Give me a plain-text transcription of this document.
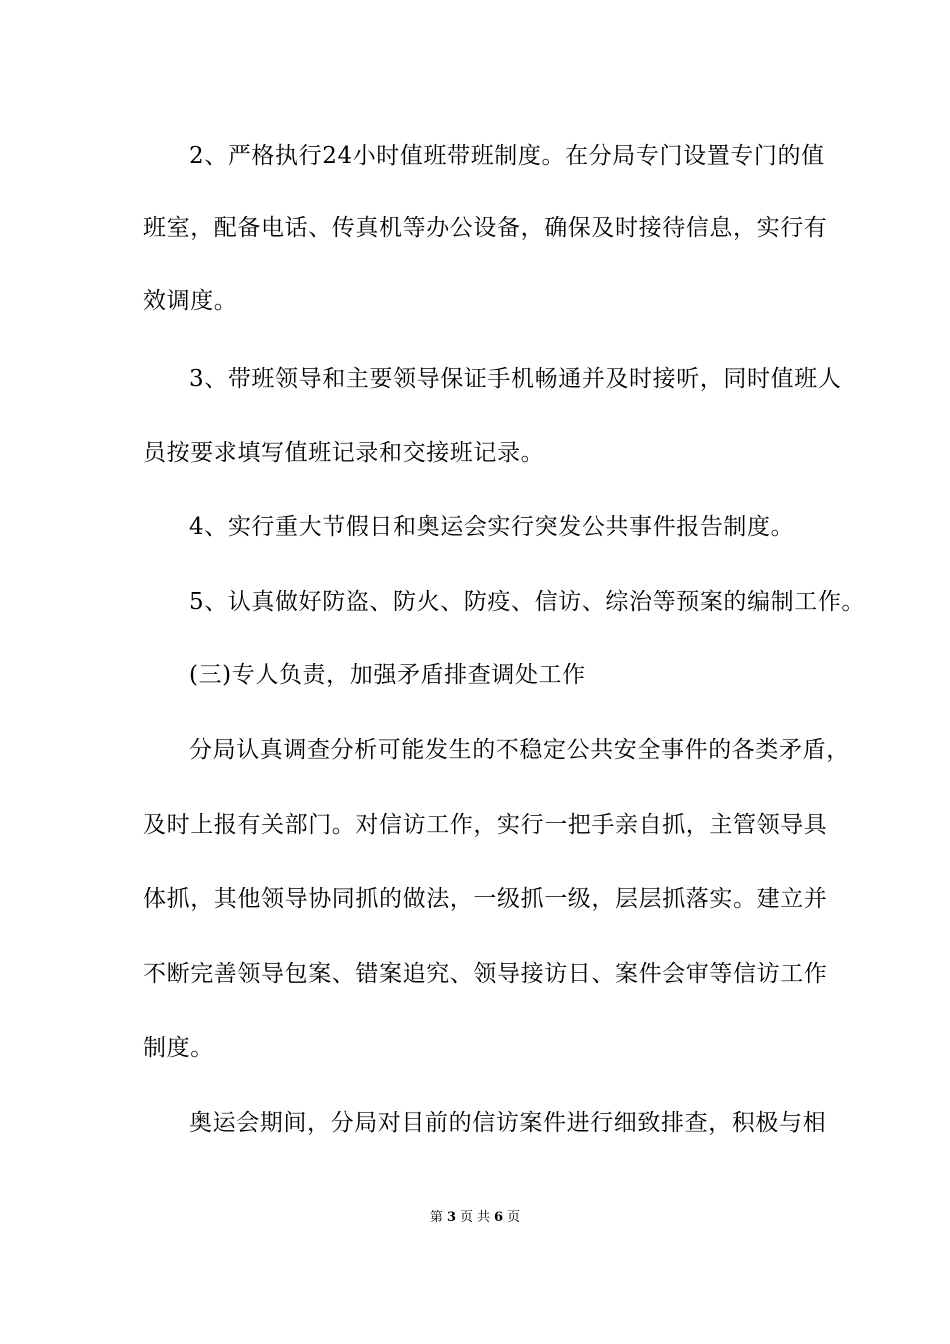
2、严格执行24小时值班带班制度。在分局专门设置专门的值

班室，配备电话、传真机等办公设备，确保及时接待信息，实行有

效调度。

3、带班领导和主要领导保证手机畅通并及时接听，同时值班人

员按要求填写值班记录和交接班记录。

4、实行重大节假日和奥运会实行突发公共事件报告制度。

5、认真做好防盗、防火、防疫、信访、综治等预案的编制工作。

(三)专人负责，加强矛盾排查调处工作

分局认真调查分析可能发生的不稳定公共安全事件的各类矛盾，

及时上报有关部门。对信访工作，实行一把手亲自抓，主管领导具

体抓，其他领导协同抓的做法，一级抓一级，层层抓落实。建立并

不断完善领导包案、错案追究、领导接访日、案件会审等信访工作

制度。

奥运会期间，分局对目前的信访案件进行细致排查，积极与相

第 3 页 共 6 页
